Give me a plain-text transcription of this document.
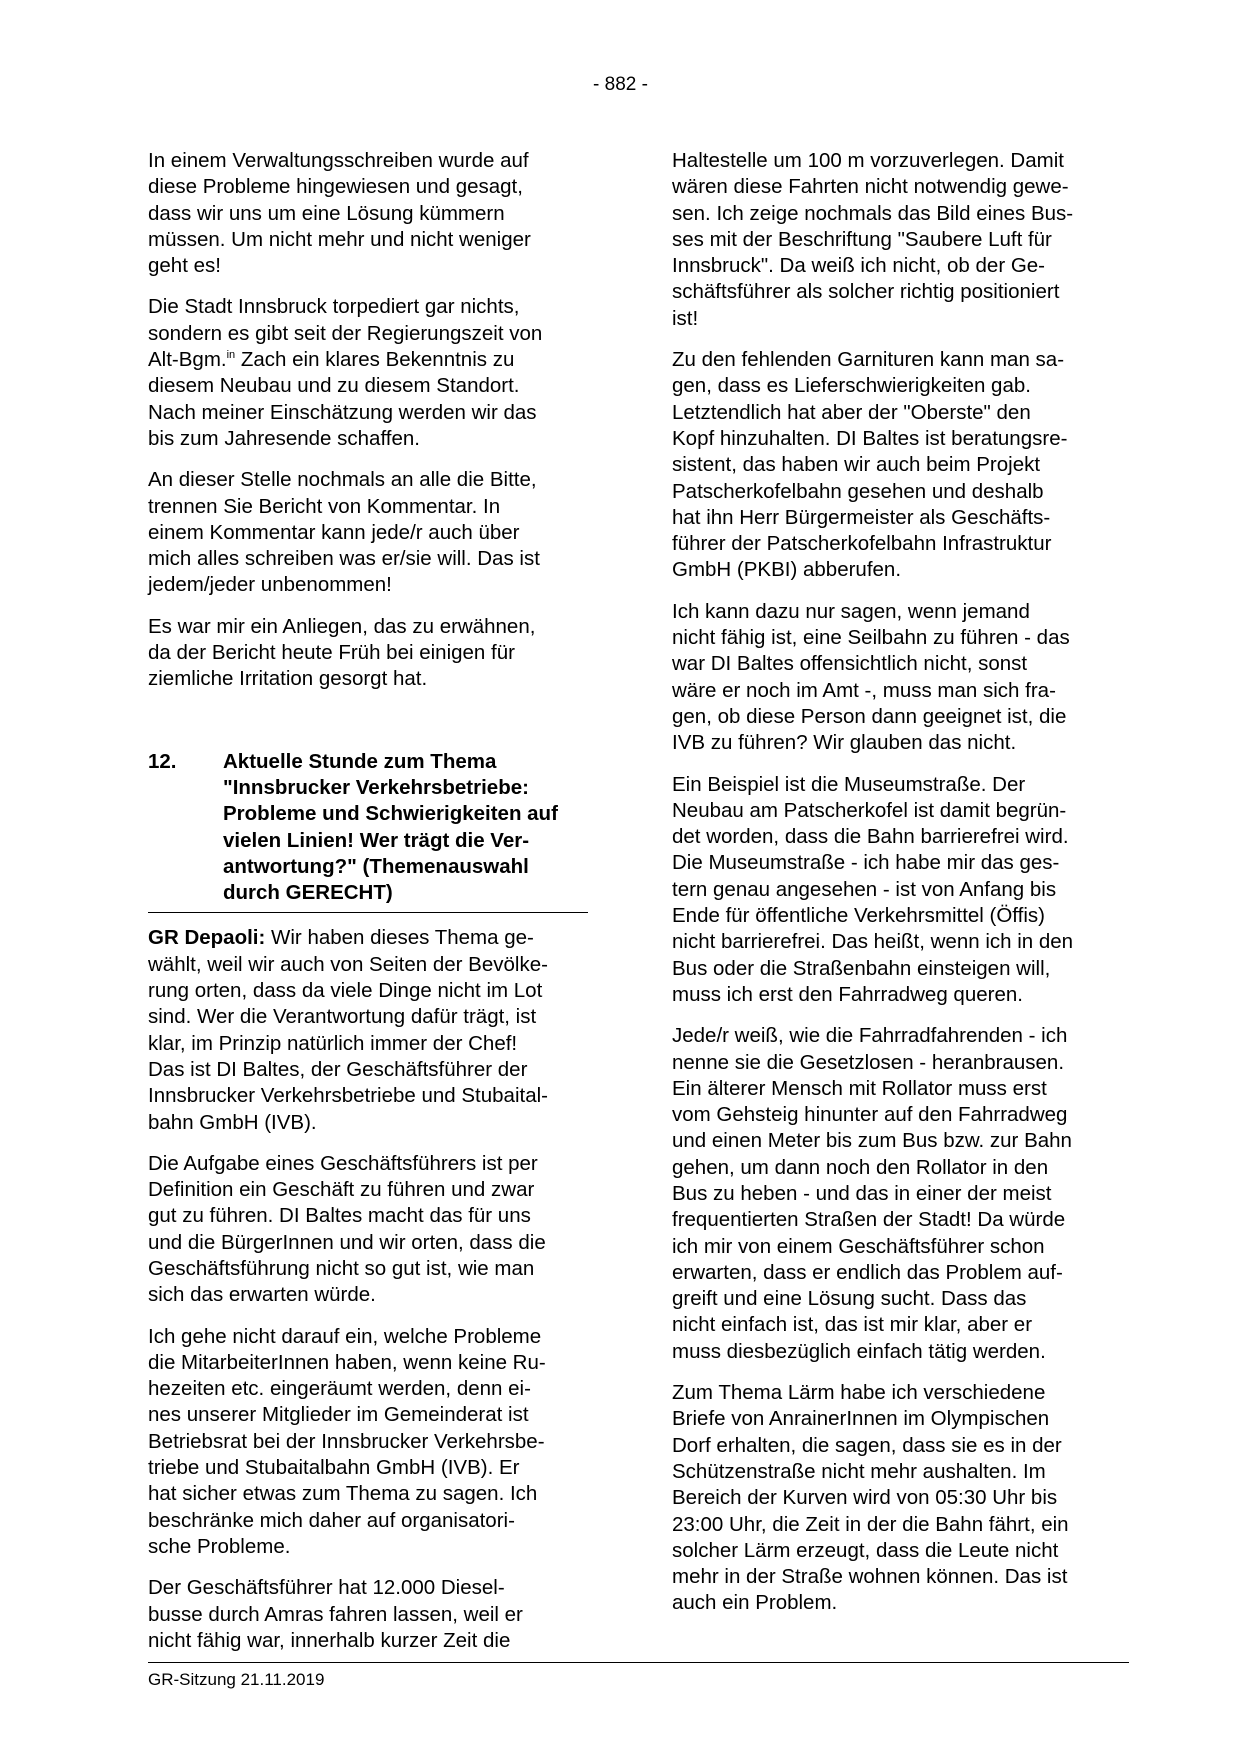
- 882 -

In einem Verwaltungsschreiben wurde auf
diese Probleme hingewiesen und gesagt,
dass wir uns um eine Lösung kümmern
müssen. Um nicht mehr und nicht weniger
geht es!

Die Stadt Innsbruck torpediert gar nichts,
sondern es gibt seit der Regierungszeit von
Alt-Bgm.$^{in}$ Zach ein klares Bekenntnis zu
diesem Neubau und zu diesem Standort.
Nach meiner Einschätzung werden wir das
bis zum Jahresende schaffen.

An dieser Stelle nochmals an alle die Bitte,
trennen Sie Bericht von Kommentar. In
einem Kommentar kann jede/r auch über
mich alles schreiben was er/sie will. Das ist
jedem/jeder unbenommen!

Es war mir ein Anliegen, das zu erwähnen,
da der Bericht heute Früh bei einigen für
ziemliche Irritation gesorgt hat.

12. Aktuelle Stunde zum Thema
"Innsbrucker Verkehrsbetriebe:
Probleme und Schwierigkeiten auf
vielen Linien! Wer trägt die Ver-
antwortung?" (Themenauswahl
durch GERECHT)

GR Depaoli: Wir haben dieses Thema ge-
wählt, weil wir auch von Seiten der Bevölke-
rung orten, dass da viele Dinge nicht im Lot
sind. Wer die Verantwortung dafür trägt, ist
klar, im Prinzip natürlich immer der Chef!
Das ist DI Baltes, der Geschäftsführer der
Innsbrucker Verkehrsbetriebe und Stubaital-
bahn GmbH (IVB).

Die Aufgabe eines Geschäftsführers ist per
Definition ein Geschäft zu führen und zwar
gut zu führen. DI Baltes macht das für uns
und die BürgerInnen und wir orten, dass die
Geschäftsführung nicht so gut ist, wie man
sich das erwarten würde.

Ich gehe nicht darauf ein, welche Probleme
die MitarbeiterInnen haben, wenn keine Ru-
hezeiten etc. eingeräumt werden, denn ei-
nes unserer Mitglieder im Gemeinderat ist
Betriebsrat bei der Innsbrucker Verkehrsbe-
triebe und Stubaitalbahn GmbH (IVB). Er
hat sicher etwas zum Thema zu sagen. Ich
beschränke mich daher auf organisatori-
sche Probleme.

Der Geschäftsführer hat 12.000 Diesel-
busse durch Amras fahren lassen, weil er
nicht fähig war, innerhalb kurzer Zeit die

Haltestelle um 100 m vorzuverlegen. Damit
wären diese Fahrten nicht notwendig gewe-
sen. Ich zeige nochmals das Bild eines Bus-
ses mit der Beschriftung "Saubere Luft für
Innsbruck". Da weiß ich nicht, ob der Ge-
schäftsführer als solcher richtig positioniert
ist!

Zu den fehlenden Garnituren kann man sa-
gen, dass es Lieferschwierigkeiten gab.
Letztendlich hat aber der "Oberste" den
Kopf hinzuhalten. DI Baltes ist beratungsre-
sistent, das haben wir auch beim Projekt
Patscherkofelbahn gesehen und deshalb
hat ihn Herr Bürgermeister als Geschäfts-
führer der Patscherkofelbahn Infrastruktur
GmbH (PKBI) abberufen.

Ich kann dazu nur sagen, wenn jemand
nicht fähig ist, eine Seilbahn zu führen - das
war DI Baltes offensichtlich nicht, sonst
wäre er noch im Amt -, muss man sich fra-
gen, ob diese Person dann geeignet ist, die
IVB zu führen? Wir glauben das nicht.

Ein Beispiel ist die Museumstraße. Der
Neubau am Patscherkofel ist damit begrün-
det worden, dass die Bahn barrierefrei wird.
Die Museumstraße - ich habe mir das ges-
tern genau angesehen - ist von Anfang bis
Ende für öffentliche Verkehrsmittel (Öffis)
nicht barrierefrei. Das heißt, wenn ich in den
Bus oder die Straßenbahn einsteigen will,
muss ich erst den Fahrradweg queren.

Jede/r weiß, wie die Fahrradfahrenden - ich
nenne sie die Gesetzlosen - heranbrausen.
Ein älterer Mensch mit Rollator muss erst
vom Gehsteig hinunter auf den Fahrradweg
und einen Meter bis zum Bus bzw. zur Bahn
gehen, um dann noch den Rollator in den
Bus zu heben - und das in einer der meist
frequentierten Straßen der Stadt! Da würde
ich mir von einem Geschäftsführer schon
erwarten, dass er endlich das Problem auf-
greift und eine Lösung sucht. Dass das
nicht einfach ist, das ist mir klar, aber er
muss diesbezüglich einfach tätig werden.

Zum Thema Lärm habe ich verschiedene
Briefe von AnrainerInnen im Olympischen
Dorf erhalten, die sagen, dass sie es in der
Schützenstraße nicht mehr aushalten. Im
Bereich der Kurven wird von 05:30 Uhr bis
23:00 Uhr, die Zeit in der die Bahn fährt, ein
solcher Lärm erzeugt, dass die Leute nicht
mehr in der Straße wohnen können. Das ist
auch ein Problem.

GR-Sitzung 21.11.2019
